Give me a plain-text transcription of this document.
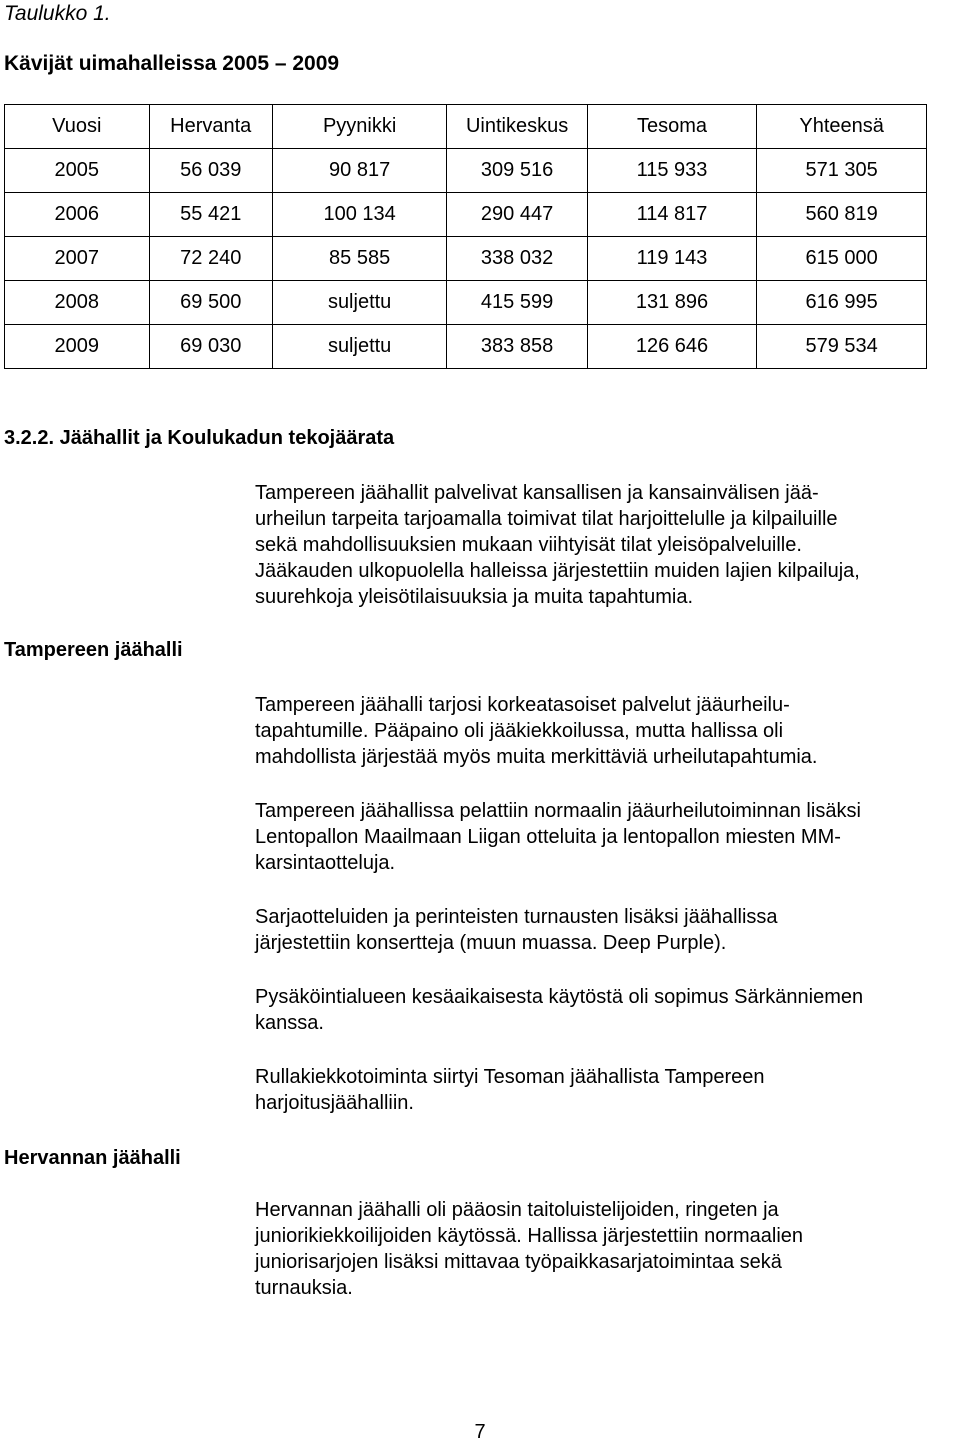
Taulukko 1.
Kävijät uimahalleissa 2005 – 2009
Vuosi	Hervanta	Pyynikki	Uintikeskus	Tesoma	Yhteensä
2005	56 039	90 817	309 516	115 933	571 305
2006	55 421	100 134	290 447	114 817	560 819
2007	72 240	85 585	338 032	119 143	615 000
2008	69 500	suljettu	415 599	131 896	616 995
2009	69 030	suljettu	383 858	126 646	579 534
3.2.2. Jäähallit ja Koulukadun tekojäärata
Tampereen jäähalli
Hervannan jäähalli

Tampereen jäähallit palvelivat kansallisen ja kansainvälisen jää-

urheilun tarpeita tarjoamalla toimivat tilat harjoittelulle ja kilpailuille

sekä mahdollisuuksien mukaan viihtyisät tilat yleisöpalveluille.

Jääkauden ulkopuolella halleissa järjestettiin muiden lajien kilpailuja,

suurehkoja yleisötilaisuuksia ja muita tapahtumia.

Tampereen jäähalli tarjosi korkeatasoiset palvelut jääurheilu-

tapahtumille. Pääpaino oli jääkiekkoilussa, mutta hallissa oli

mahdollista järjestää myös muita merkittäviä urheilutapahtumia.

Tampereen jäähallissa pelattiin normaalin jääurheilutoiminnan lisäksi

Lentopallon Maailmaan Liigan otteluita ja lentopallon miesten MM-

karsintaotteluja.

Sarjaotteluiden ja perinteisten turnausten lisäksi jäähallissa

järjestettiin konsertteja (muun muassa. Deep Purple).

Pysäköintialueen kesäaikaisesta käytöstä oli sopimus Särkänniemen

kanssa.

Rullakiekkotoiminta siirtyi Tesoman jäähallista Tampereen

harjoitusjäähalliin.

Hervannan jäähalli oli pääosin taitoluistelijoiden, ringeten ja

juniorikiekkoilijoiden käytössä. Hallissa järjestettiin normaalien

juniorisarjojen lisäksi mittavaa työpaikkasarjatoimintaa sekä

turnauksia.

7
